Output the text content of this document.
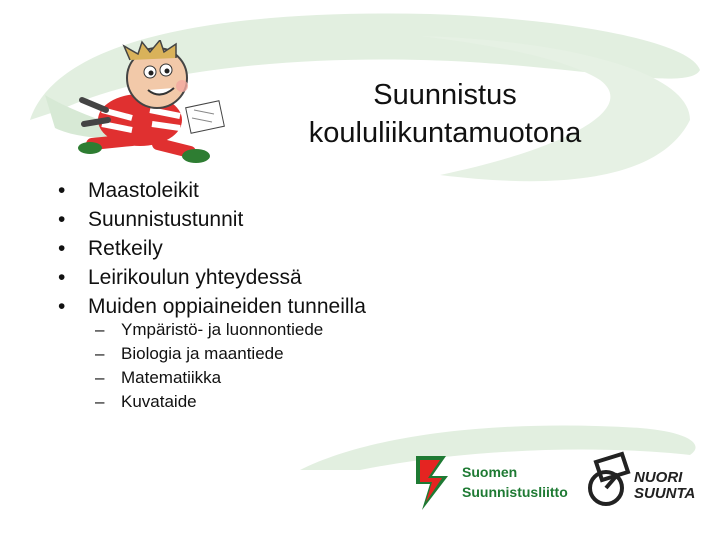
Suunnistus
koululiikuntamuotona
• Maastoleikit
• Suunnistustunnit
• Retkeily
• Leirikoulun yhteydessä
• Muiden oppiaineiden tunneilla
– Ympäristö- ja luonnontiede
– Biologia ja maantiede
– Matematiikka
– Kuvataide
Suomen
Suunnistusliitto
NUORI
SUUNTA
